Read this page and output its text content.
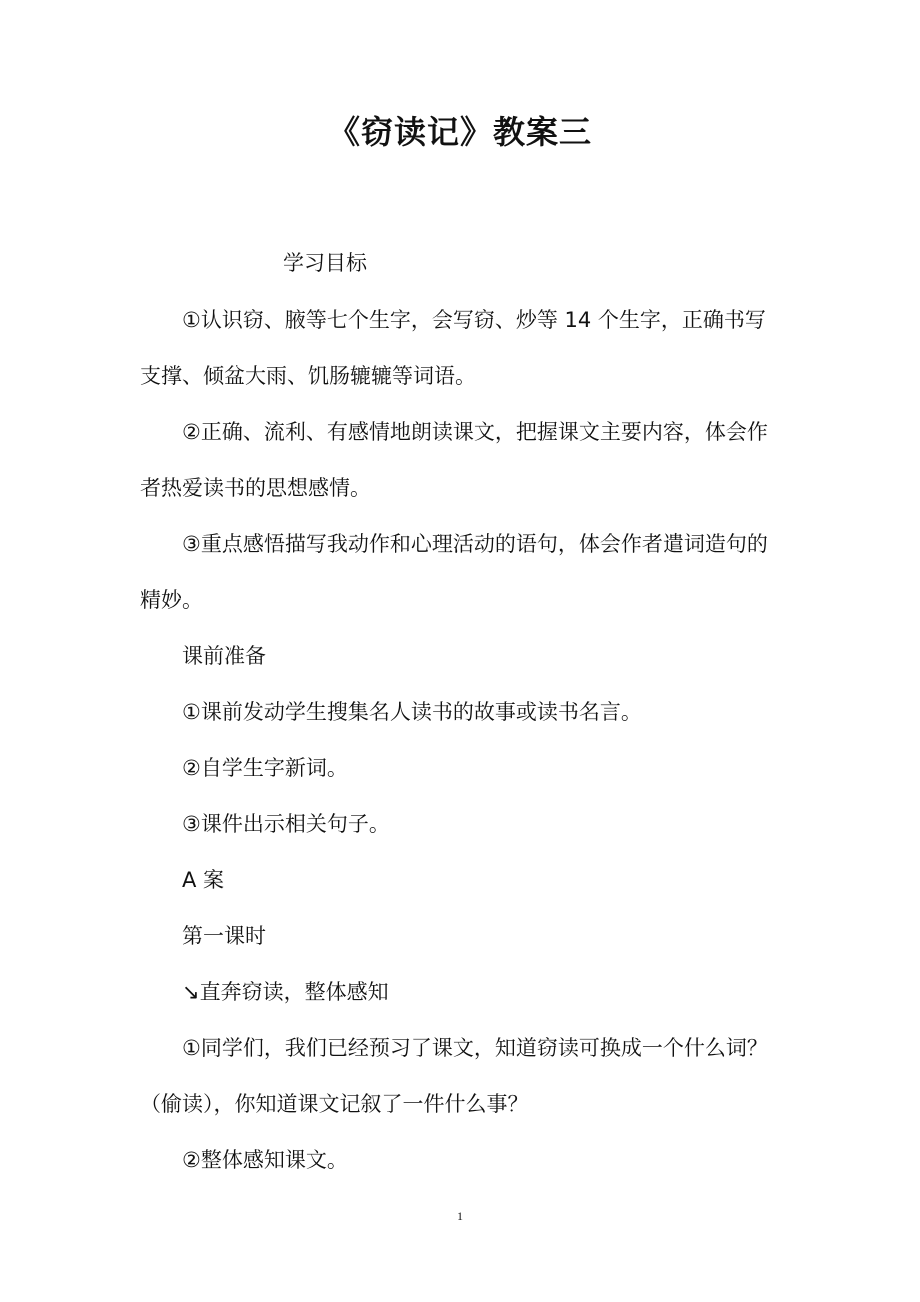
《窃读记》教案三

学习目标

①认识窃、腋等七个生字，会写窃、炒等 14 个生字，正确书写

支撑、倾盆大雨、饥肠辘辘等词语。

②正确、流利、有感情地朗读课文，把握课文主要内容，体会作

者热爱读书的思想感情。

③重点感悟描写我动作和心理活动的语句，体会作者遣词造句的

精妙。

课前准备

①课前发动学生搜集名人读书的故事或读书名言。

②自学生字新词。

③课件出示相关句子。

A 案

第一课时

↘直奔窃读，整体感知

①同学们，我们已经预习了课文，知道窃读可换成一个什么词？

（偷读），你知道课文记叙了一件什么事？

②整体感知课文。

1
